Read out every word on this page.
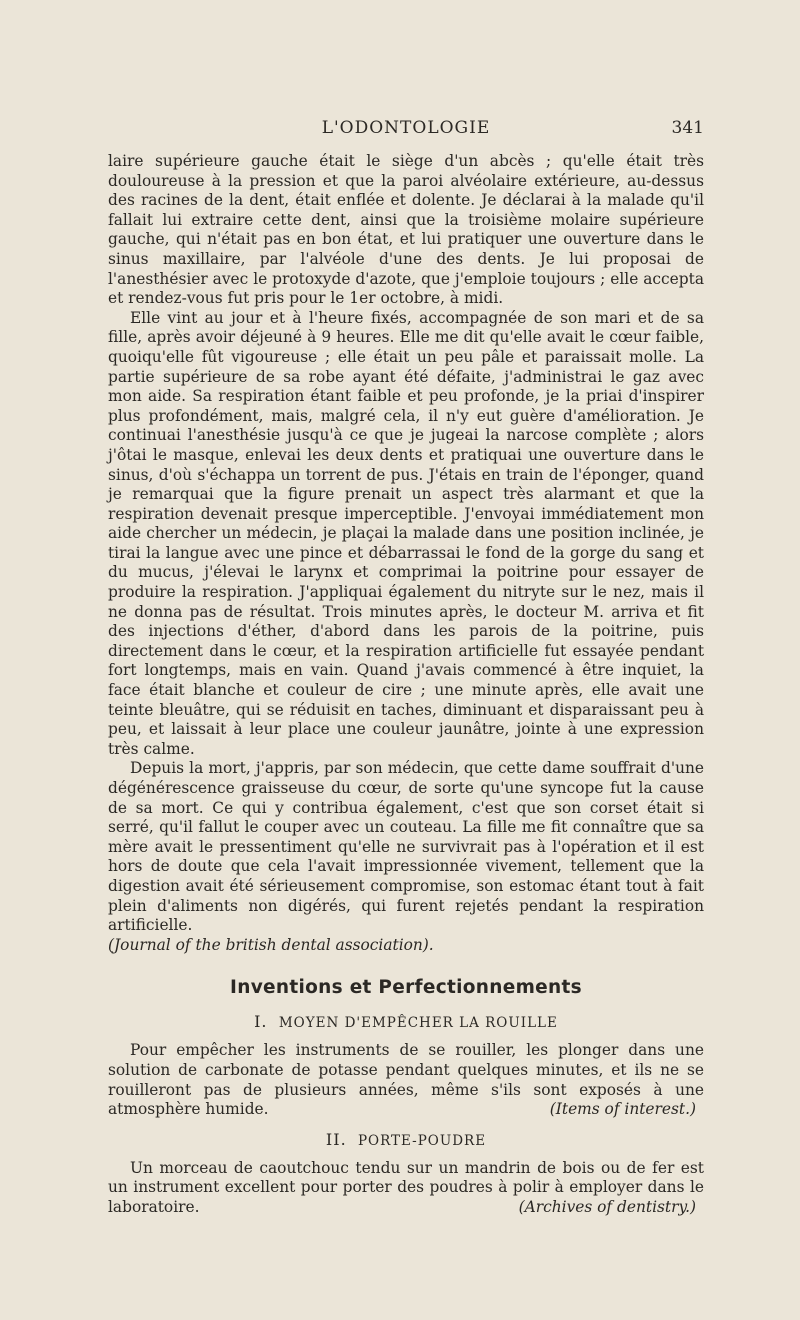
L'ODONTOLOGIE	341

laire supérieure gauche était le siège d'un abcès ; qu'elle était très douloureuse à la pression et que la paroi alvéolaire extérieure, au-dessus des racines de la dent, était enflée et dolente. Je déclarai à la malade qu'il fallait lui extraire cette dent, ainsi que la troisième molaire supérieure gauche, qui n'était pas en bon état, et lui pratiquer une ouverture dans le sinus maxillaire, par l'alvéole d'une des dents. Je lui proposai de l'anesthésier avec le protoxyde d'azote, que j'emploie toujours ; elle accepta et rendez-vous fut pris pour le 1er octobre, à midi.

Elle vint au jour et à l'heure fixés, accompagnée de son mari et de sa fille, après avoir déjeuné à 9 heures. Elle me dit qu'elle avait le cœur faible, quoiqu'elle fût vigoureuse ; elle était un peu pâle et paraissait molle. La partie supérieure de sa robe ayant été défaite, j'administrai le gaz avec mon aide. Sa respiration étant faible et peu profonde, je la priai d'inspirer plus profondément, mais, malgré cela, il n'y eut guère d'amélioration. Je continuai l'anesthésie jusqu'à ce que je jugeai la narcose complète ; alors j'ôtai le masque, enlevai les deux dents et pratiquai une ouverture dans le sinus, d'où s'échappa un torrent de pus. J'étais en train de l'éponger, quand je remarquai que la figure prenait un aspect très alarmant et que la respiration devenait presque imperceptible. J'envoyai immédiatement mon aide chercher un médecin, je plaçai la malade dans une position inclinée, je tirai la langue avec une pince et débarrassai le fond de la gorge du sang et du mucus, j'élevai le larynx et comprimai la poitrine pour essayer de produire la respiration. J'appliquai également du nitryte sur le nez, mais il ne donna pas de résultat. Trois minutes après, le docteur M. arriva et fit des injections d'éther, d'abord dans les parois de la poitrine, puis directement dans le cœur, et la respiration artificielle fut essayée pendant fort longtemps, mais en vain. Quand j'avais commencé à être inquiet, la face était blanche et couleur de cire ; une minute après, elle avait une teinte bleuâtre, qui se réduisit en taches, diminuant et disparaissant peu à peu, et laissait à leur place une couleur jaunâtre, jointe à une expression très calme.

Depuis la mort, j'appris, par son médecin, que cette dame souffrait d'une dégénérescence graisseuse du cœur, de sorte qu'une syncope fut la cause de sa mort. Ce qui y contribua également, c'est que son corset était si serré, qu'il fallut le couper avec un couteau. La fille me fit connaître que sa mère avait le pressentiment qu'elle ne survivrait pas à l'opération et il est hors de doute que cela l'avait impressionnée vivement, tellement que la digestion avait été sérieusement compromise, son estomac étant tout à fait plein d'aliments non digérés, qui furent rejetés pendant la respiration artificielle.

(Journal of the british dental association).

Inventions et Perfectionnements
I. MOYEN D'EMPÊCHER LA ROUILLE

Pour empêcher les instruments de se rouiller, les plonger dans une solution de carbonate de potasse pendant quelques minutes, et ils ne se rouilleront pas de plusieurs années, même s'ils sont exposés à une atmosphère humide.	(Items of interest.)

II. PORTE-POUDRE

Un morceau de caoutchouc tendu sur un mandrin de bois ou de fer est un instrument excellent pour porter des poudres à polir à employer dans le laboratoire.	(Archives of dentistry.)
